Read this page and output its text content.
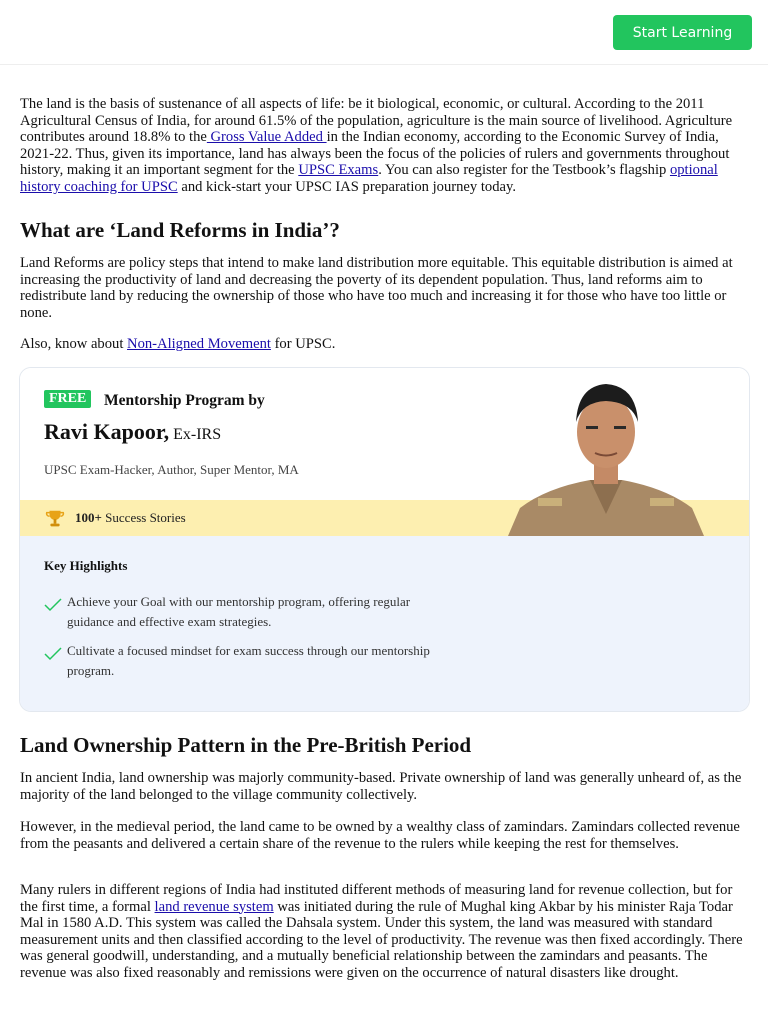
Start Learning

The land is the basis of sustenance of all aspects of life: be it biological, economic, or cultural. According to the 2011 Agricultural Census of India, for around 61.5% of the population, agriculture is the main source of livelihood. Agriculture contributes around 18.8% to the Gross Value Added in the Indian economy, according to the Economic Survey of India, 2021-22. Thus, given its importance, land has always been the focus of the policies of rulers and governments throughout history, making it an important segment for the UPSC Exams. You can also register for the Testbook’s flagship optional history coaching for UPSC and kick-start your UPSC IAS preparation journey today.

What are ‘Land Reforms in India’?

Land Reforms are policy steps that intend to make land distribution more equitable. This equitable distribution is aimed at increasing the productivity of land and decreasing the poverty of its dependent population. Thus, land reforms aim to redistribute land by reducing the ownership of those who have too much and increasing it for those who have too little or none.

Also, know about Non-Aligned Movement for UPSC.

FREE	Mentorship Program by
Ravi Kapoor, Ex-IRS
UPSC Exam-Hacker, Author, Super Mentor, MA
100+ Success Stories
Key Highlights
Achieve your Goal with our mentorship program, offering regular guidance and effective exam strategies.
Cultivate a focused mindset for exam success through our mentorship program.
Land Ownership Pattern in the Pre-British Period

In ancient India, land ownership was majorly community-based. Private ownership of land was generally unheard of, as the majority of the land belonged to the village community collectively.

However, in the medieval period, the land came to be owned by a wealthy class of zamindars. Zamindars collected revenue from the peasants and delivered a certain share of the revenue to the rulers while keeping the rest for themselves.

Many rulers in different regions of India had instituted different methods of measuring land for revenue collection, but for the first time, a formal land revenue system was initiated during the rule of Mughal king Akbar by his minister Raja Todar Mal in 1580 A.D. This system was called the Dahsala system. Under this system, the land was measured with standard measurement units and then classified according to the level of productivity. The revenue was then fixed accordingly. There was general goodwill, understanding, and a mutually beneficial relationship between the zamindars and peasants. The revenue was also fixed reasonably and remissions were given on the occurrence of natural disasters like drought.
